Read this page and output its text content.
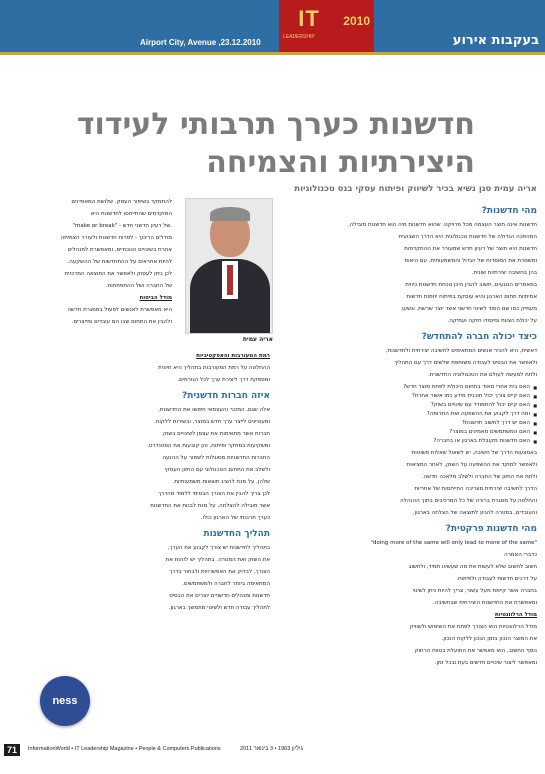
IT	2010
LEADERSHIP	בעקבות אירוע
Airport City, Avenue ,23.12.2010
חדשנות כערך תרבותי לעידוד היצירתיות והצמיחה
אריה עמית סגן נשיא בכיר לשיווק ופיתוח עסקי בנס טכנולוגיות
מהי חדשנות?

חדשנות אינה תוצר העצמה מכל פרויקט. שהוא חדשנות מיה הוא חדשנות מובילה,

המהפכה הגדולה של חדשנות טכנולוגית היא הדרך השבועית

חדשנות היא תוצר של רעיון חדש שמעורר את ההתקדמות

ומשמרת את המוסדות של הגדול והמשמעותית, עם היאות

בהן בחשיבה יצירתיות שונית.

במאמרים הנוגעים, חשוב להבין היכן נוכחת חדשנות כיווית

אמיתיות תחום הארגון והיא עוסקת בפיתוח יוזמות חדשות

מעמיק כמו שם הסוד לשינוי חדשני אשר יוצר שרשת, ונשען

על יכולת הצוות ומיסודו חזקה ועמיקה.

כיצד יכולה חברה להתחדש?

דאשית, היא להכיר אנשים המתאימים לחשיבה יצירתית ולחדשנות,

ולאפשר את הבסיס לעבודה משותפת שלשים דרך עם התהליך

ולתת למעשה לעולם את הטכנולוגיה החדשנית.

■ האם בית אחרי מאוד בתחום היכולת לפתח מוצר חדש?
■ האם קיים צורך יכול תוכנית מידע כמו אשור אחרת?
■ האם קיים יכול להתמודד עם שינויים בשוק?
■ ומה דרך לקבוע את ההשפעה ואת התרומה?
■ האם יש דרך לחשוב חדשנות?
■ האם המשתמשים מאמינים במוצר?
■ האם חדשנות מקובלת בארגון או בחברה?

באמצעות הדרך של חשיבה, יש לשאול שאלות פשוטות

ולאפשר למוקד את ההשפעה על השוק, לאחר המציאות

ולתת את החזון של החברה ולשלב מלאכה חדשה.

הדרך לחשיבה יצירתית מצריכה התייחסות של אחריות

והחלטה על מסגרת ברורה של כל המרכיבים בתוך ההנהלה

והעובדים, במטרה להגיע לתוצאה של הצלחה בארגון.

מהי חדשנות פרקטית?

"doing more of the same will only lead to more of the same"

כדברי האמרה

חשוב לחשוב שלא לעשות את מה שעשינו תמיד, ולחשוב

על דרכים חדשות לעבודה ולפיתוח.

בחברה אשר קיימת מעל עשור, צריך להיות ניתן לשינוי

ומאפשרת את החדשנות היצירתית שבחשיבה.

מודל הרלוונטיות

מודל הרלוונטיות הוא הצורך לפתח את השימוש ולשוויק

את המוצר הנכון בזמן הנכון ללקוח הנכון.

נוסף החשוב, הוא מאפשר את התועלת בטווח הרחוק

ומאפשר ליצור שינויים חדשים בעת ובכל זמן.

להתמקד בשיפור העסק. שלושת המאפיינים

המוקדמים שהתייחסו לחדשנות היא

"make or break" - של רעיון חדשני חדש.

מודלים הריכוך - לפרות חדשנות ולעורר הצמיחה

אחרת בשינויים הנוכחיים, ומאפשרת למנהלים

להיות אחראים על ההתחדשות של ההשקעה.

לכן ניתן לעסוק ולאפשר את התוצאה המרכזית

של החברה ושל ההתפתחות.

מודל הביטוח

היא מאפשרת לאנשים לפעול במסגרת חדשה

ולהבין את התחום שבו הם עובדים ומייצרים.

אריה עמית

רמת המעורבות והאפקטיביות

ההחלטה על רמת המעורבות בתהליך היא חיונית

ומספקת דרך ליצירת ערך לכל הגורמים.

איזה חברות חדשנית?

אלה שגם, המוכר והעצמאי חיפשו את החדשנות,

ומעוניינים לייצר ערך חדש במוצר, ובשירות ללקוח.

חברות אשר מתאימות את עצמן לשינויים בשוק

ומשקיעות במחקר ופיתוח, והן קובעות את הסטנדרט.

החברות החדשניות מסוגלות לשמור על ההנעה

ולשלב את התחום הטכנולוגי עם החזון העסקי

שלהן, על מנת להציג תוצאות משמעותיות.

לכן צריך להבין את הצורך הבסיסי ללמוד מהדרך

אשר מובילה להצלחה, על מנת לבנות את החדשנות

כערך תרבותי של הארגון כולו.

תהליך החדשנות

בתהליך לחדשנות יש צורך לקבוע את הערך,

את השוק ואת המטרה. בתהליך יש לזהות את

הצורך, לבדוק את האפשרויות ולבחור בדרך

המתאימה ביותר לחברה ולמשתמשים.

חדשנות ומנהלים חדשניים יוצרים את הבסיס

לתהליך עבודה חדש ולשינוי מתמשך בארגון.

ness
71	InformationWorld • IT Leadership Magazine • People & Computers Publications	גיליון 1963 • 3 בינואר 2011
